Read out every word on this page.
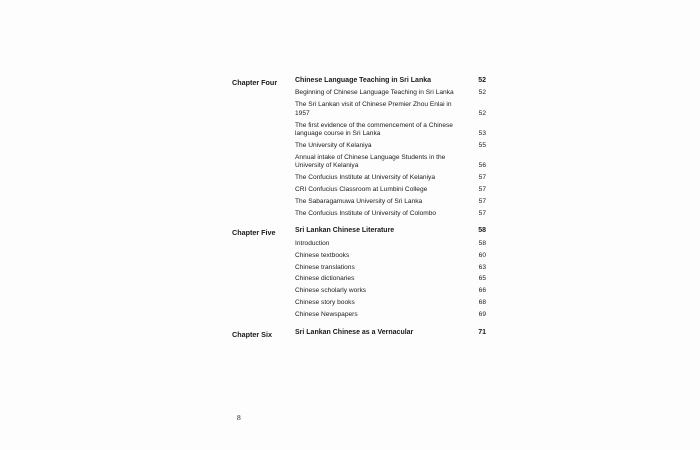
Chapter Four	Chinese Language Teaching in Sri Lanka	52
Beginning of Chinese Language Teaching in Sri Lanka	52
The Sri Lankan visit of Chinese Premier Zhou Enlai in 1957	52
The first evidence of the commencement of a Chinese language course in Sri Lanka	53
The University of Kelaniya	55
Annual intake of Chinese Language Students in the University of Kelaniya	56
The Confucius Institute at University of Kelaniya	57
CRI Confucius Classroom at Lumbini College	57
The Sabaragamuwa University of Sri Lanka	57
The Confucius Institute of University of Colombo	57
Chapter Five	Sri Lankan Chinese Literature	58
Introduction	58
Chinese textbooks	60
Chinese translations	63
Chinese dictionaries	65
Chinese scholarly works	66
Chinese story books	68
Chinese Newspapers	69
Chapter Six	Sri Lankan Chinese as a Vernacular	71
8
